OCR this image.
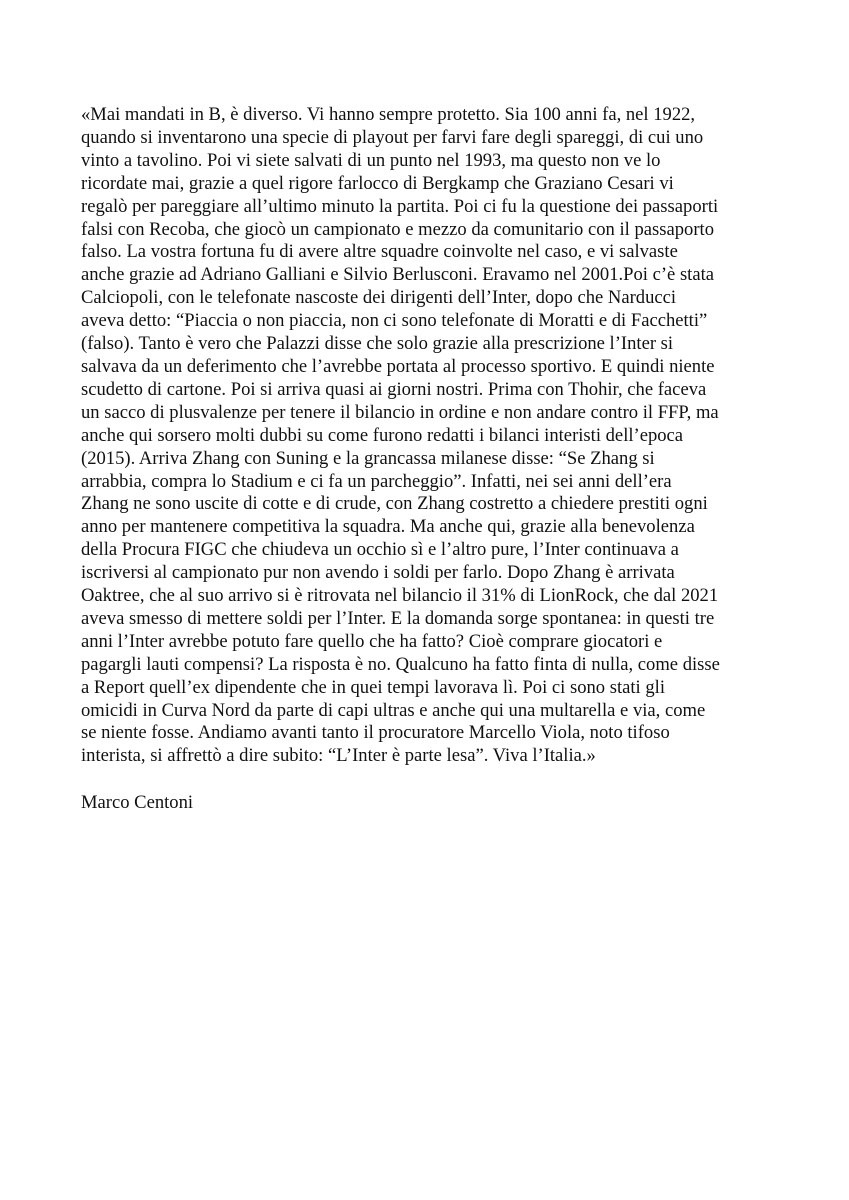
«Mai mandati in B, è diverso. Vi hanno sempre protetto. Sia 100 anni fa, nel 1922,
quando si inventarono una specie di playout per farvi fare degli spareggi, di cui uno
vinto a tavolino. Poi vi siete salvati di un punto nel 1993, ma questo non ve lo
ricordate mai, grazie a quel rigore farlocco di Bergkamp che Graziano Cesari vi
regalò per pareggiare all’ultimo minuto la partita. Poi ci fu la questione dei passaporti
falsi con Recoba, che giocò un campionato e mezzo da comunitario con il passaporto
falso. La vostra fortuna fu di avere altre squadre coinvolte nel caso, e vi salvaste
anche grazie ad Adriano Galliani e Silvio Berlusconi. Eravamo nel 2001.Poi c’è stata
Calciopoli, con le telefonate nascoste dei dirigenti dell’Inter, dopo che Narducci
aveva detto: “Piaccia o non piaccia, non ci sono telefonate di Moratti e di Facchetti”
(falso). Tanto è vero che Palazzi disse che solo grazie alla prescrizione l’Inter si
salvava da un deferimento che l’avrebbe portata al processo sportivo. E quindi niente
scudetto di cartone. Poi si arriva quasi ai giorni nostri. Prima con Thohir, che faceva
un sacco di plusvalenze per tenere il bilancio in ordine e non andare contro il FFP, ma
anche qui sorsero molti dubbi su come furono redatti i bilanci interisti dell’epoca
(2015). Arriva Zhang con Suning e la grancassa milanese disse: “Se Zhang si
arrabbia, compra lo Stadium e ci fa un parcheggio”. Infatti, nei sei anni dell’era
Zhang ne sono uscite di cotte e di crude, con Zhang costretto a chiedere prestiti ogni
anno per mantenere competitiva la squadra. Ma anche qui, grazie alla benevolenza
della Procura FIGC che chiudeva un occhio sì e l’altro pure, l’Inter continuava a
iscriversi al campionato pur non avendo i soldi per farlo. Dopo Zhang è arrivata
Oaktree, che al suo arrivo si è ritrovata nel bilancio il 31% di LionRock, che dal 2021
aveva smesso di mettere soldi per l’Inter. E la domanda sorge spontanea: in questi tre
anni l’Inter avrebbe potuto fare quello che ha fatto? Cioè comprare giocatori e
pagargli lauti compensi? La risposta è no. Qualcuno ha fatto finta di nulla, come disse
a Report quell’ex dipendente che in quei tempi lavorava lì. Poi ci sono stati gli
omicidi in Curva Nord da parte di capi ultras e anche qui una multarella e via, come
se niente fosse. Andiamo avanti tanto il procuratore Marcello Viola, noto tifoso
interista, si affrettò a dire subito: “L’Inter è parte lesa”. Viva l’Italia.»
Marco Centoni
